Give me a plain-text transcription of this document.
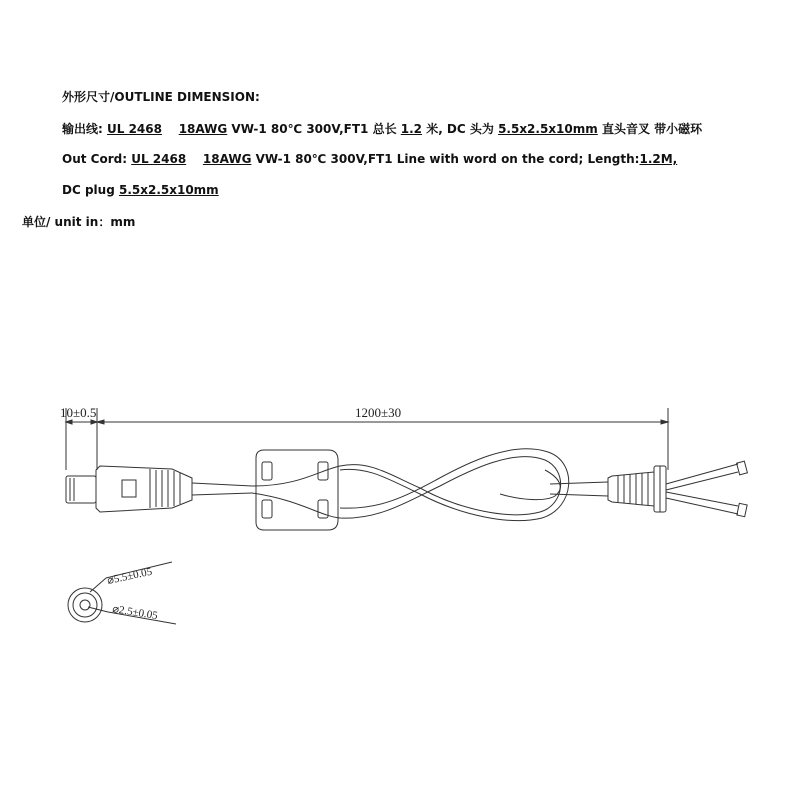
外形尺寸/OUTLINE DIMENSION:
输出线: UL 2468 18AWG VW-1 80℃ 300V,FT1 总长 1.2 米, DC 头为 5.5x2.5x10mm 直头音叉 带小磁环
Out Cord: UL 2468 18AWG VW-1 80℃ 300V,FT1 Line with word on the cord; Length:1.2M,
DC plug 5.5x2.5x10mm
单位/ unit in：mm
10±0.5	1200±30
⌀5.5±0.05
⌀2.5±0.05
